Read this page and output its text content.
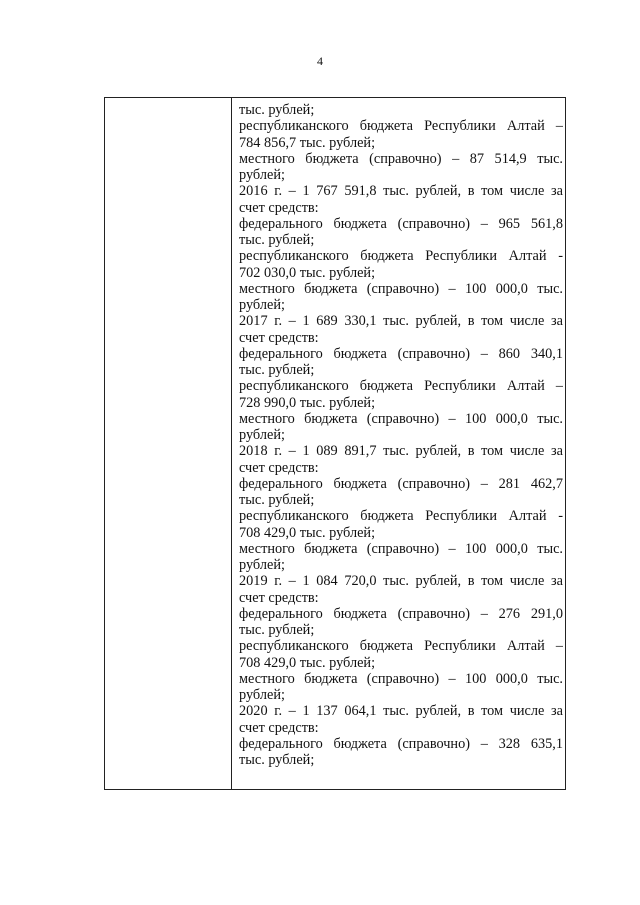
4
тыс. рублей;
республиканского бюджета Республики Алтай –
784 856,7 тыс. рублей;
местного бюджета (справочно) – 87 514,9 тыс.
рублей;
2016 г. – 1 767 591,8 тыс. рублей, в том числе за
счет средств:
федерального бюджета (справочно) – 965 561,8
тыс. рублей;
республиканского бюджета Республики Алтай -
702 030,0 тыс. рублей;
местного бюджета (справочно) – 100 000,0 тыс.
рублей;
2017 г. – 1 689 330,1 тыс. рублей, в том числе за
счет средств:
федерального бюджета (справочно) – 860 340,1
тыс. рублей;
республиканского бюджета Республики Алтай –
728 990,0 тыс. рублей;
местного бюджета (справочно) – 100 000,0 тыс.
рублей;
2018 г. – 1 089 891,7 тыс. рублей, в том числе за
счет средств:
федерального бюджета (справочно) – 281 462,7
тыс. рублей;
республиканского бюджета Республики Алтай -
708 429,0 тыс. рублей;
местного бюджета (справочно) – 100 000,0 тыс.
рублей;
2019 г. – 1 084 720,0 тыс. рублей, в том числе за
счет средств:
федерального бюджета (справочно) – 276 291,0
тыс. рублей;
республиканского бюджета Республики Алтай –
708 429,0 тыс. рублей;
местного бюджета (справочно) – 100 000,0 тыс.
рублей;
2020 г. – 1 137 064,1 тыс. рублей, в том числе за
счет средств:
федерального бюджета (справочно) – 328 635,1
тыс. рублей;
